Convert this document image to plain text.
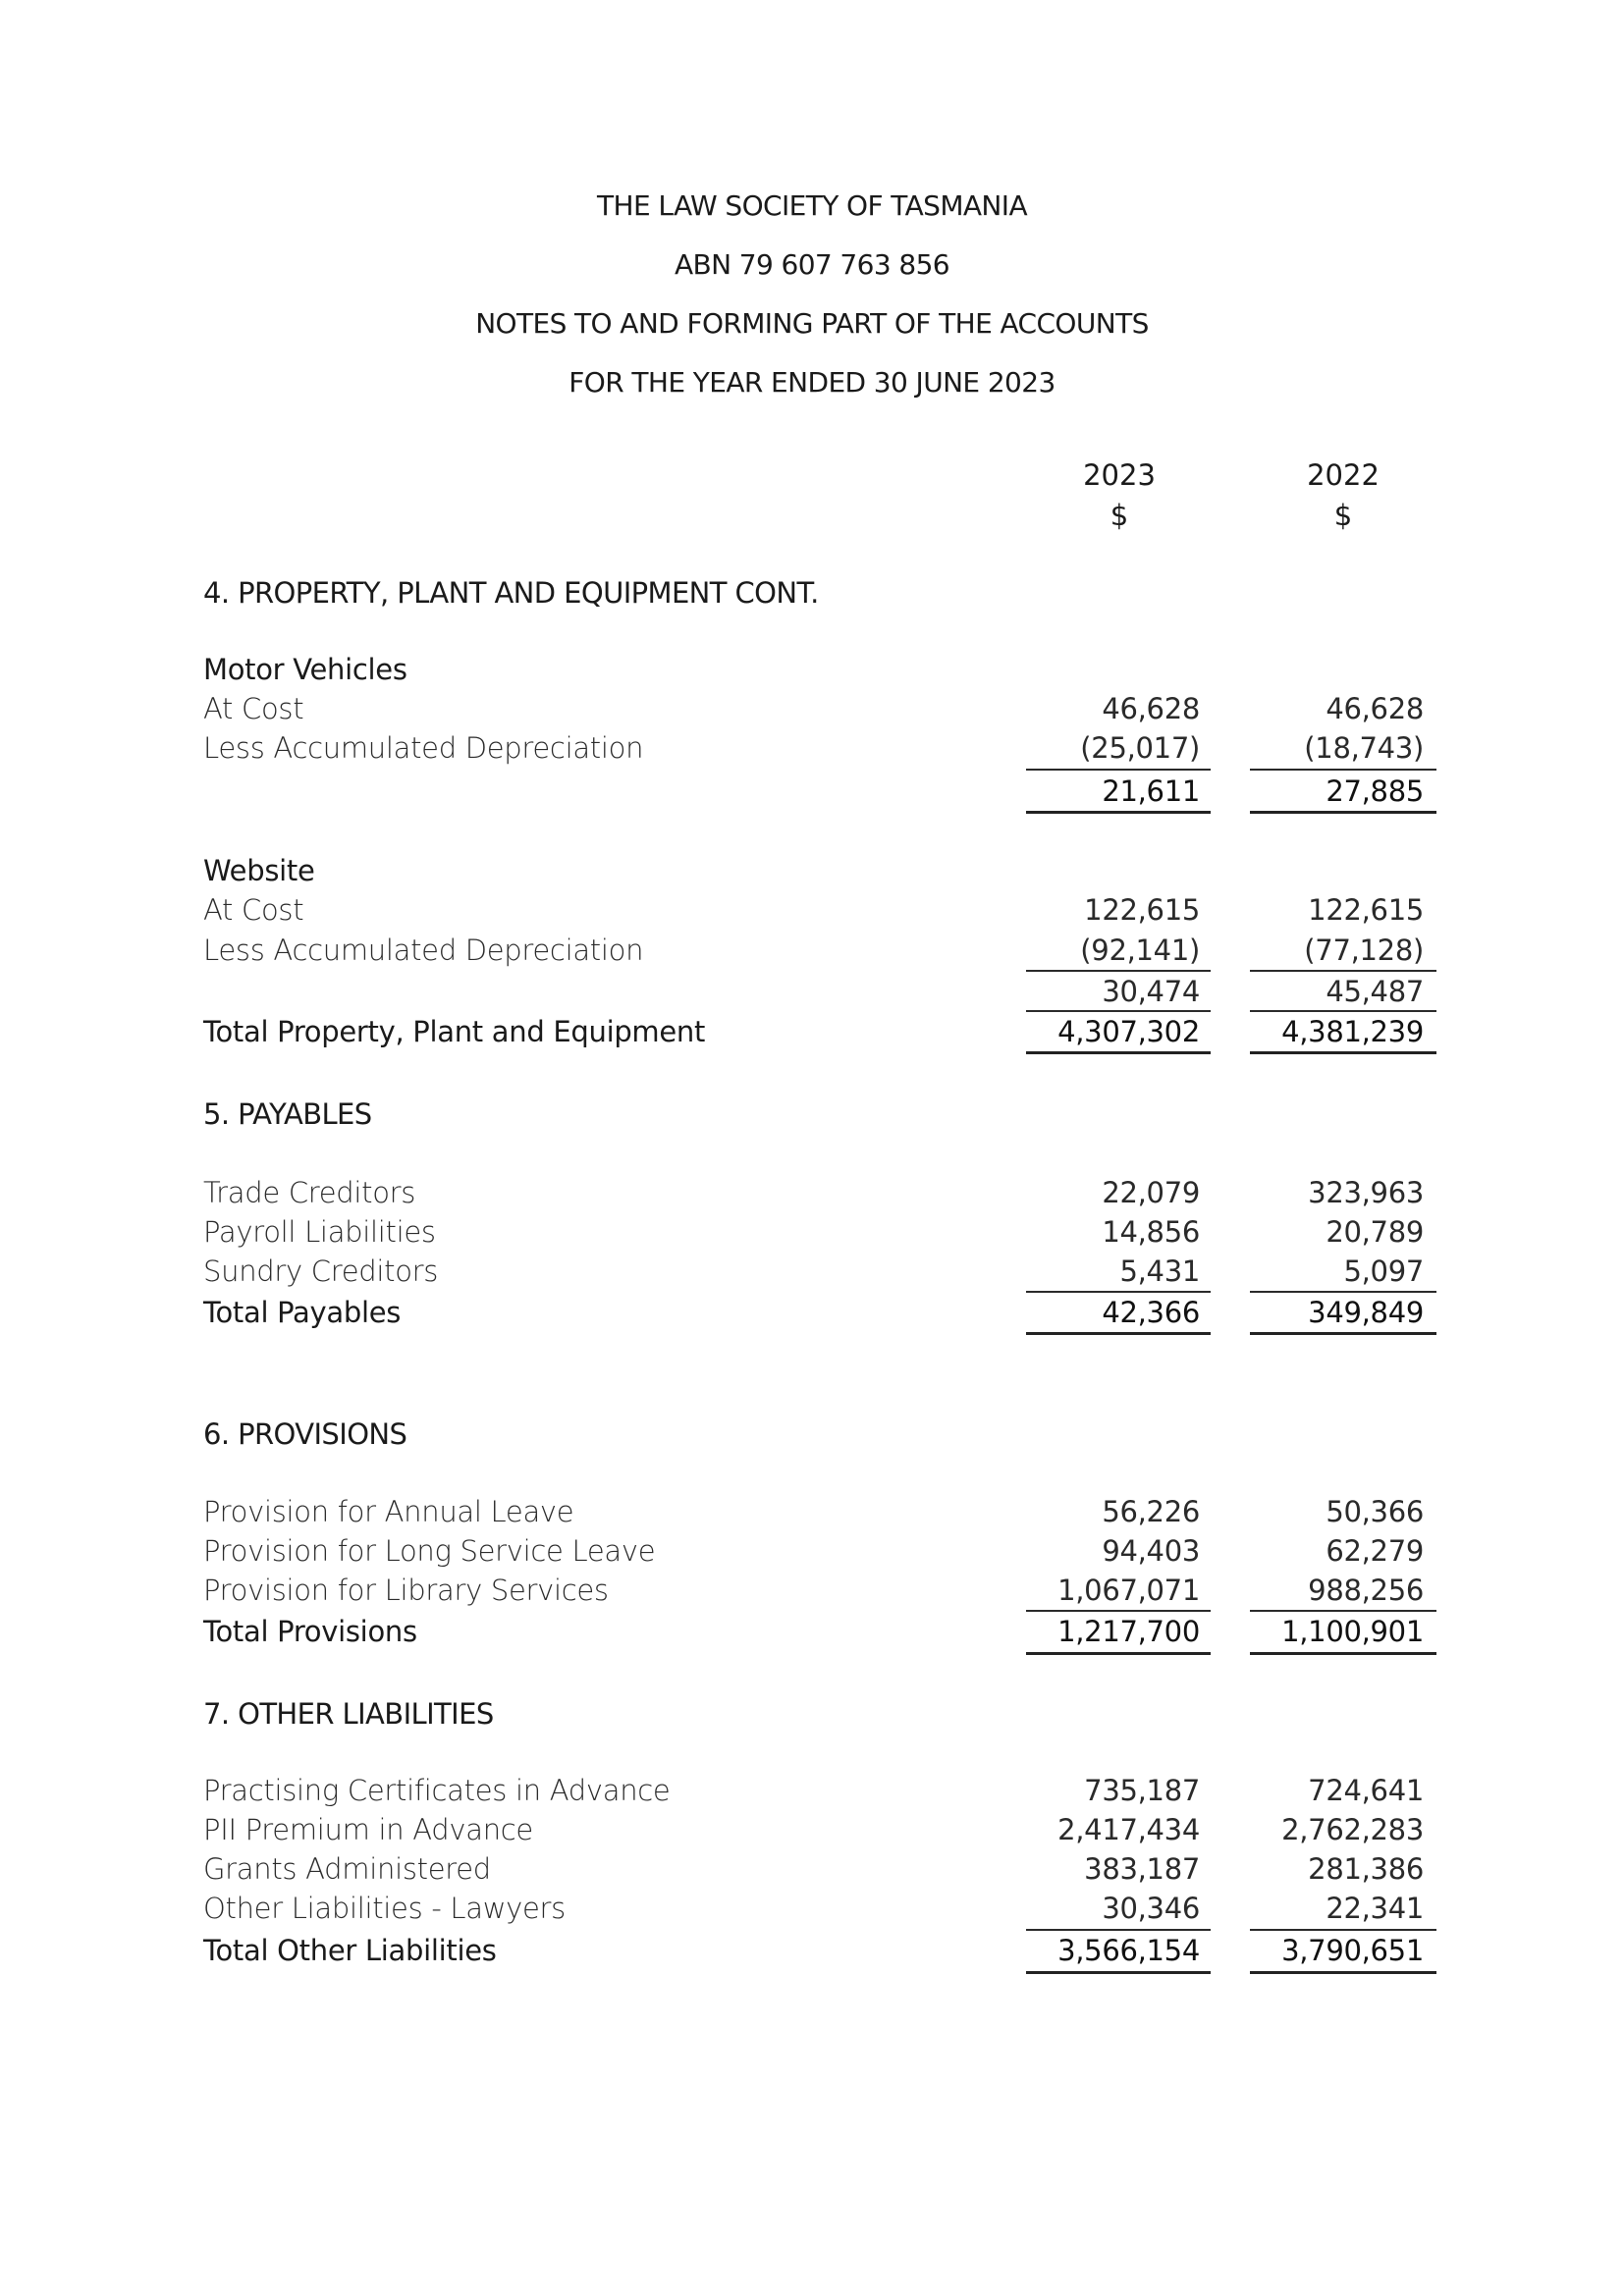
THE LAW SOCIETY OF TASMANIA
ABN 79 607 763 856
NOTES TO AND FORMING PART OF THE ACCOUNTS
FOR THE YEAR ENDED 30 JUNE 2023
2023	2022
$	$
4. PROPERTY, PLANT AND EQUIPMENT CONT.
Motor Vehicles
At Cost	46,628	46,628
Less Accumulated Depreciation	(25,017)	(18,743)
21,611	27,885
Website
At Cost	122,615	122,615
Less Accumulated Depreciation	(92,141)	(77,128)
30,474	45,487
Total Property, Plant and Equipment	4,307,302	4,381,239
5. PAYABLES
Trade Creditors	22,079	323,963
Payroll Liabilities	14,856	20,789
Sundry Creditors	5,431	5,097
Total Payables	42,366	349,849
6. PROVISIONS
Provision for Annual Leave	56,226	50,366
Provision for Long Service Leave	94,403	62,279
Provision for Library Services	1,067,071	988,256
Total Provisions	1,217,700	1,100,901
7. OTHER LIABILITIES
Practising Certificates in Advance	735,187	724,641
PII Premium in Advance	2,417,434	2,762,283
Grants Administered	383,187	281,386
Other Liabilities - Lawyers	30,346	22,341
Total Other Liabilities	3,566,154	3,790,651
